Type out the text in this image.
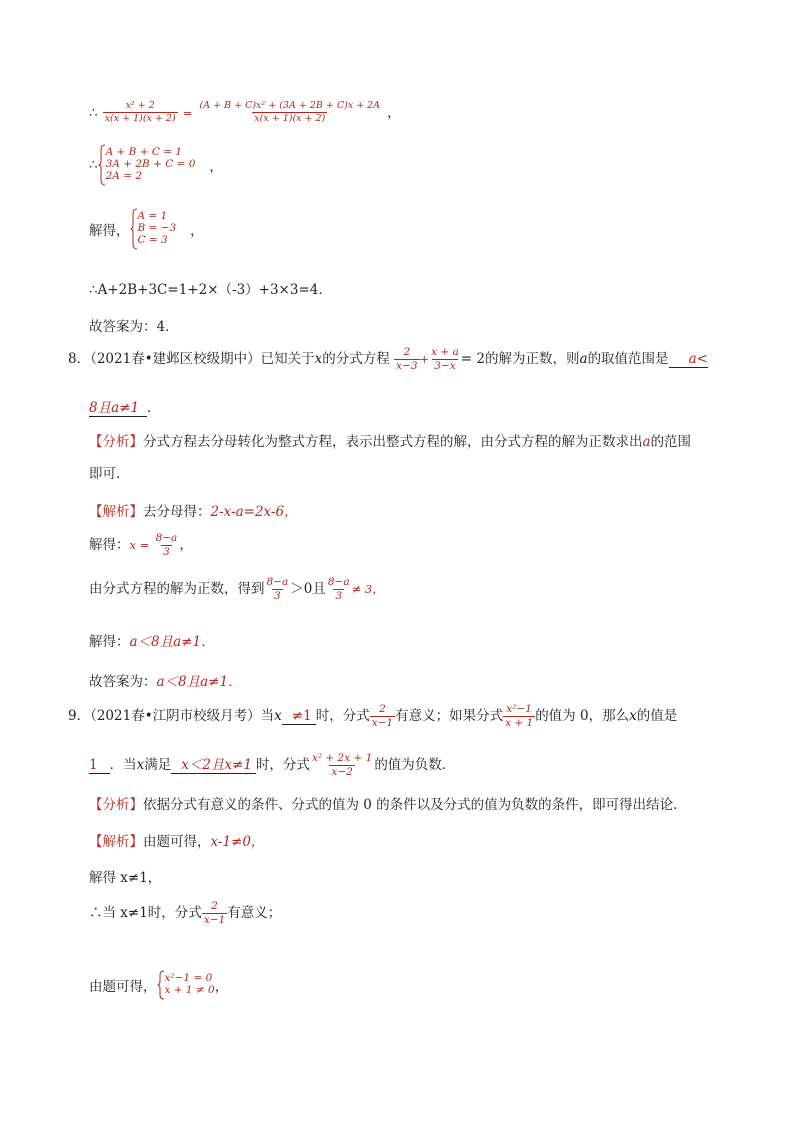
∴ $\frac{\text{x² + 2}}{x(x + 1)(x + 2)} = \frac{\text{(A + B + C)x² + (3A + 2B + C)x + 2A}}{x(x + 1)(x + 2)}$ ，
∴
A + B + C = 1
3A + 2B + C = 0
2A = 2
，
解得，
A = 1
B = −3
C = 3
，
∴A+2B+3C=1+2×（-3）+3×3=4．
故答案为：4．
8．（2021春•建邺区校级期中）已知关于x的分式方程 $\frac{2}{x-3} + \frac{x + a}{3-x} = 2$的解为正数，则a的取值范围是 a<
8且a≠1 ．
【分析】分式方程去分母转化为整式方程，表示出整式方程的解，由分式方程的解为正数求出a的范围
即可．
【解析】去分母得：2-x-a=2x-6，
解得：$x = \frac{8-a}{3}$ ，
由分式方程的解为正数，得到 $\frac{8-a}{3} >0$且 $\frac{8-a}{3} \ne 3$，
解得：a＜8且a≠1．
故答案为：a＜8且a≠1．
9．（2021春•江阴市校级月考）当x ≠1 时，分式 $\frac{2}{x-1}$ 有意义；如果分式 $\frac{\text{x²−1}}{x + 1}$ 的值为 0，那么x的值是
1 ．当x满足 x＜2且x≠1 时，分式 $\frac{\text{x² + 2x + 1}}{x-2}$ 的值为负数．
【分析】依据分式有意义的条件、分式的值为 0 的条件以及分式的值为负数的条件，即可得出结论．
【解析】由题可得，x-1≠0，
解得 x≠1，
∴当 x≠1时，分式 $\frac{2}{x-1}$ 有意义；
由题可得，
x²−1 = 0
x + 1 ≠ 0 ，
